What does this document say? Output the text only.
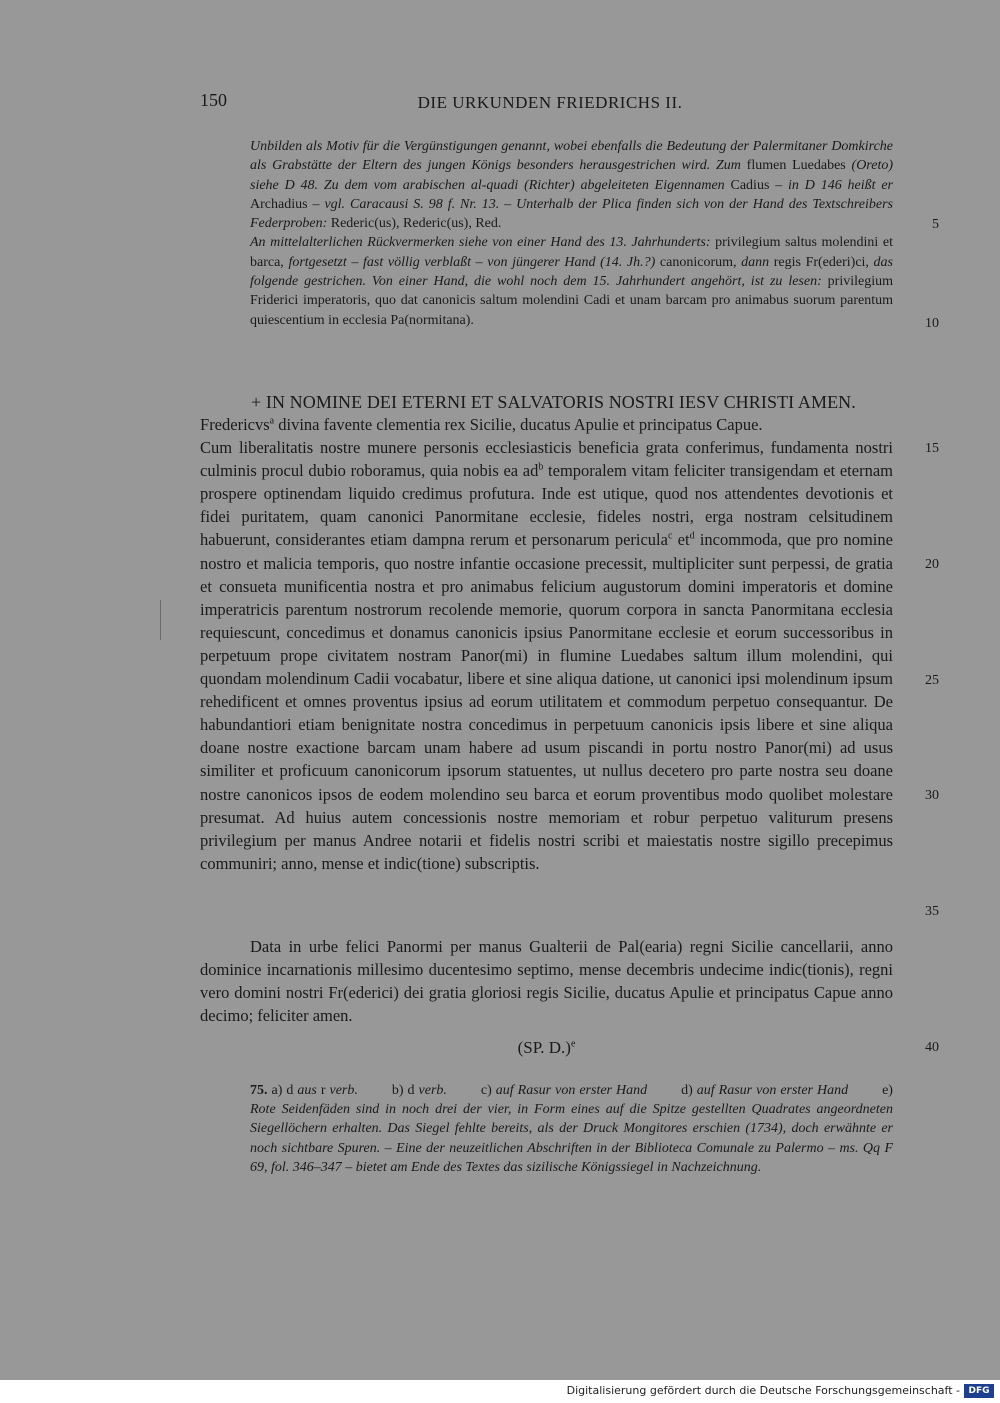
150	DIE URKUNDEN FRIEDRICHS II.

Unbilden als Motiv für die Vergünstigungen genannt, wobei ebenfalls die Bedeutung der Palermitaner Domkirche als Grabstätte der Eltern des jungen Königs besonders herausgestrichen wird. Zum flumen Luedabes (Oreto) siehe D 48. Zu dem vom arabischen al-quadi (Richter) abgeleiteten Eigennamen Cadius – in D 146 heißt er Archadius – vgl. Caracausi S. 98 f. Nr. 13. – Unterhalb der Plica finden sich von der Hand des Textschreibers Federproben: Rederic(us), Rederic(us), Red.

An mittelalterlichen Rückvermerken siehe von einer Hand des 13. Jahrhunderts: privilegium saltus molendini et barca, fortgesetzt – fast völlig verblaßt – von jüngerer Hand (14. Jh.?) canonicorum, dann regis Fr(ederi)ci, das folgende gestrichen. Von einer Hand, die wohl noch dem 15. Jahrhundert angehört, ist zu lesen: privilegium Friderici imperatoris, quo dat canonicis saltum molendini Cadi et unam barcam pro animabus suorum parentum quiescentium in ecclesia Pa(normitana).

+ IN NOMINE DEI ETERNI ET SALVATORIS NOSTRI IESV CHRISTI AMEN.

Fredericvs$^a$ divina favente clementia rex Sicilie, ducatus Apulie et principatus Capue.

Cum liberalitatis nostre munere personis ecclesiasticis beneficia grata conferimus, fundamenta nostri culminis procul dubio roboramus, quia nobis ea $ad^b$ temporalem vitam feliciter transigendam et eternam prospere optinendam liquido credimus profutura. Inde est utique, quod nos attendentes devotionis et fidei puritatem, quam canonici Panormitane ecclesie, fideles nostri, erga nostram celsitudinem habuerunt, considerantes etiam dampna rerum et personarum pericula$^c$ $et^d$ incommoda, que pro nomine nostro et malicia temporis, quo nostre infantie occasione precessit, multipliciter sunt perpessi, de gratia et consueta munificentia nostra et pro animabus felicium augustorum domini imperatoris et domine imperatricis parentum nostrorum recolende memorie, quorum corpora in sancta Panormitana ecclesia requiescunt, concedimus et donamus canonicis ipsius Panormitane ecclesie et eorum successoribus in perpetuum prope civitatem nostram Panor(mi) in flumine Luedabes saltum illum molendini, qui quondam molendinum Cadii vocabatur, libere et sine aliqua datione, ut canonici ipsi molendinum ipsum rehedificent et omnes proventus ipsius ad eorum utilitatem et commodum perpetuo consequantur. De habundantiori etiam benignitate nostra concedimus in perpetuum canonicis ipsis libere et sine aliqua doane nostre exactione barcam unam habere ad usum piscandi in portu nostro Panor(mi) ad usus similiter et proficuum canonicorum ipsorum statuentes, ut nullus decetero pro parte nostra seu doane nostre canonicos ipsos de eodem molendino seu barca et eorum proventibus modo quolibet molestare presumat. Ad huius autem concessionis nostre memoriam et robur perpetuo valiturum presens privilegium per manus Andree notarii et fidelis nostri scribi et maiestatis nostre sigillo precepimus communiri; anno, mense et indic(tione) subscriptis.

Data in urbe felici Panormi per manus Gualterii de Pal(earia) regni Sicilie cancellarii, anno dominice incarnationis millesimo ducentesimo septimo, mense decembris undecime indic(tionis), regni vero domini nostri Fr(ederici) dei gratia gloriosi regis Sicilie, ducatus Apulie et principatus Capue anno decimo; feliciter amen.

(SP. D.)$^e$

75. a) d aus r verb. b) d verb. c) auf Rasur von erster Hand d) auf Rasur von erster Hand e) Rote Seidenfäden sind in noch drei der vier, in Form eines auf die Spitze gestellten Quadrates angeordneten Siegellöchern erhalten. Das Siegel fehlte bereits, als der Druck Mongitores erschien (1734), doch erwähnte er noch sichtbare Spuren. – Eine der neuzeitlichen Abschriften in der Biblioteca Comunale zu Palermo – ms. Qq F 69, fol. 346–347 – bietet am Ende des Textes das sizilische Königssiegel in Nachzeichnung.

5
10
15
20
25
30
35
40
Digitalisierung gefördert durch die Deutsche Forschungsgemeinschaft - DFG
